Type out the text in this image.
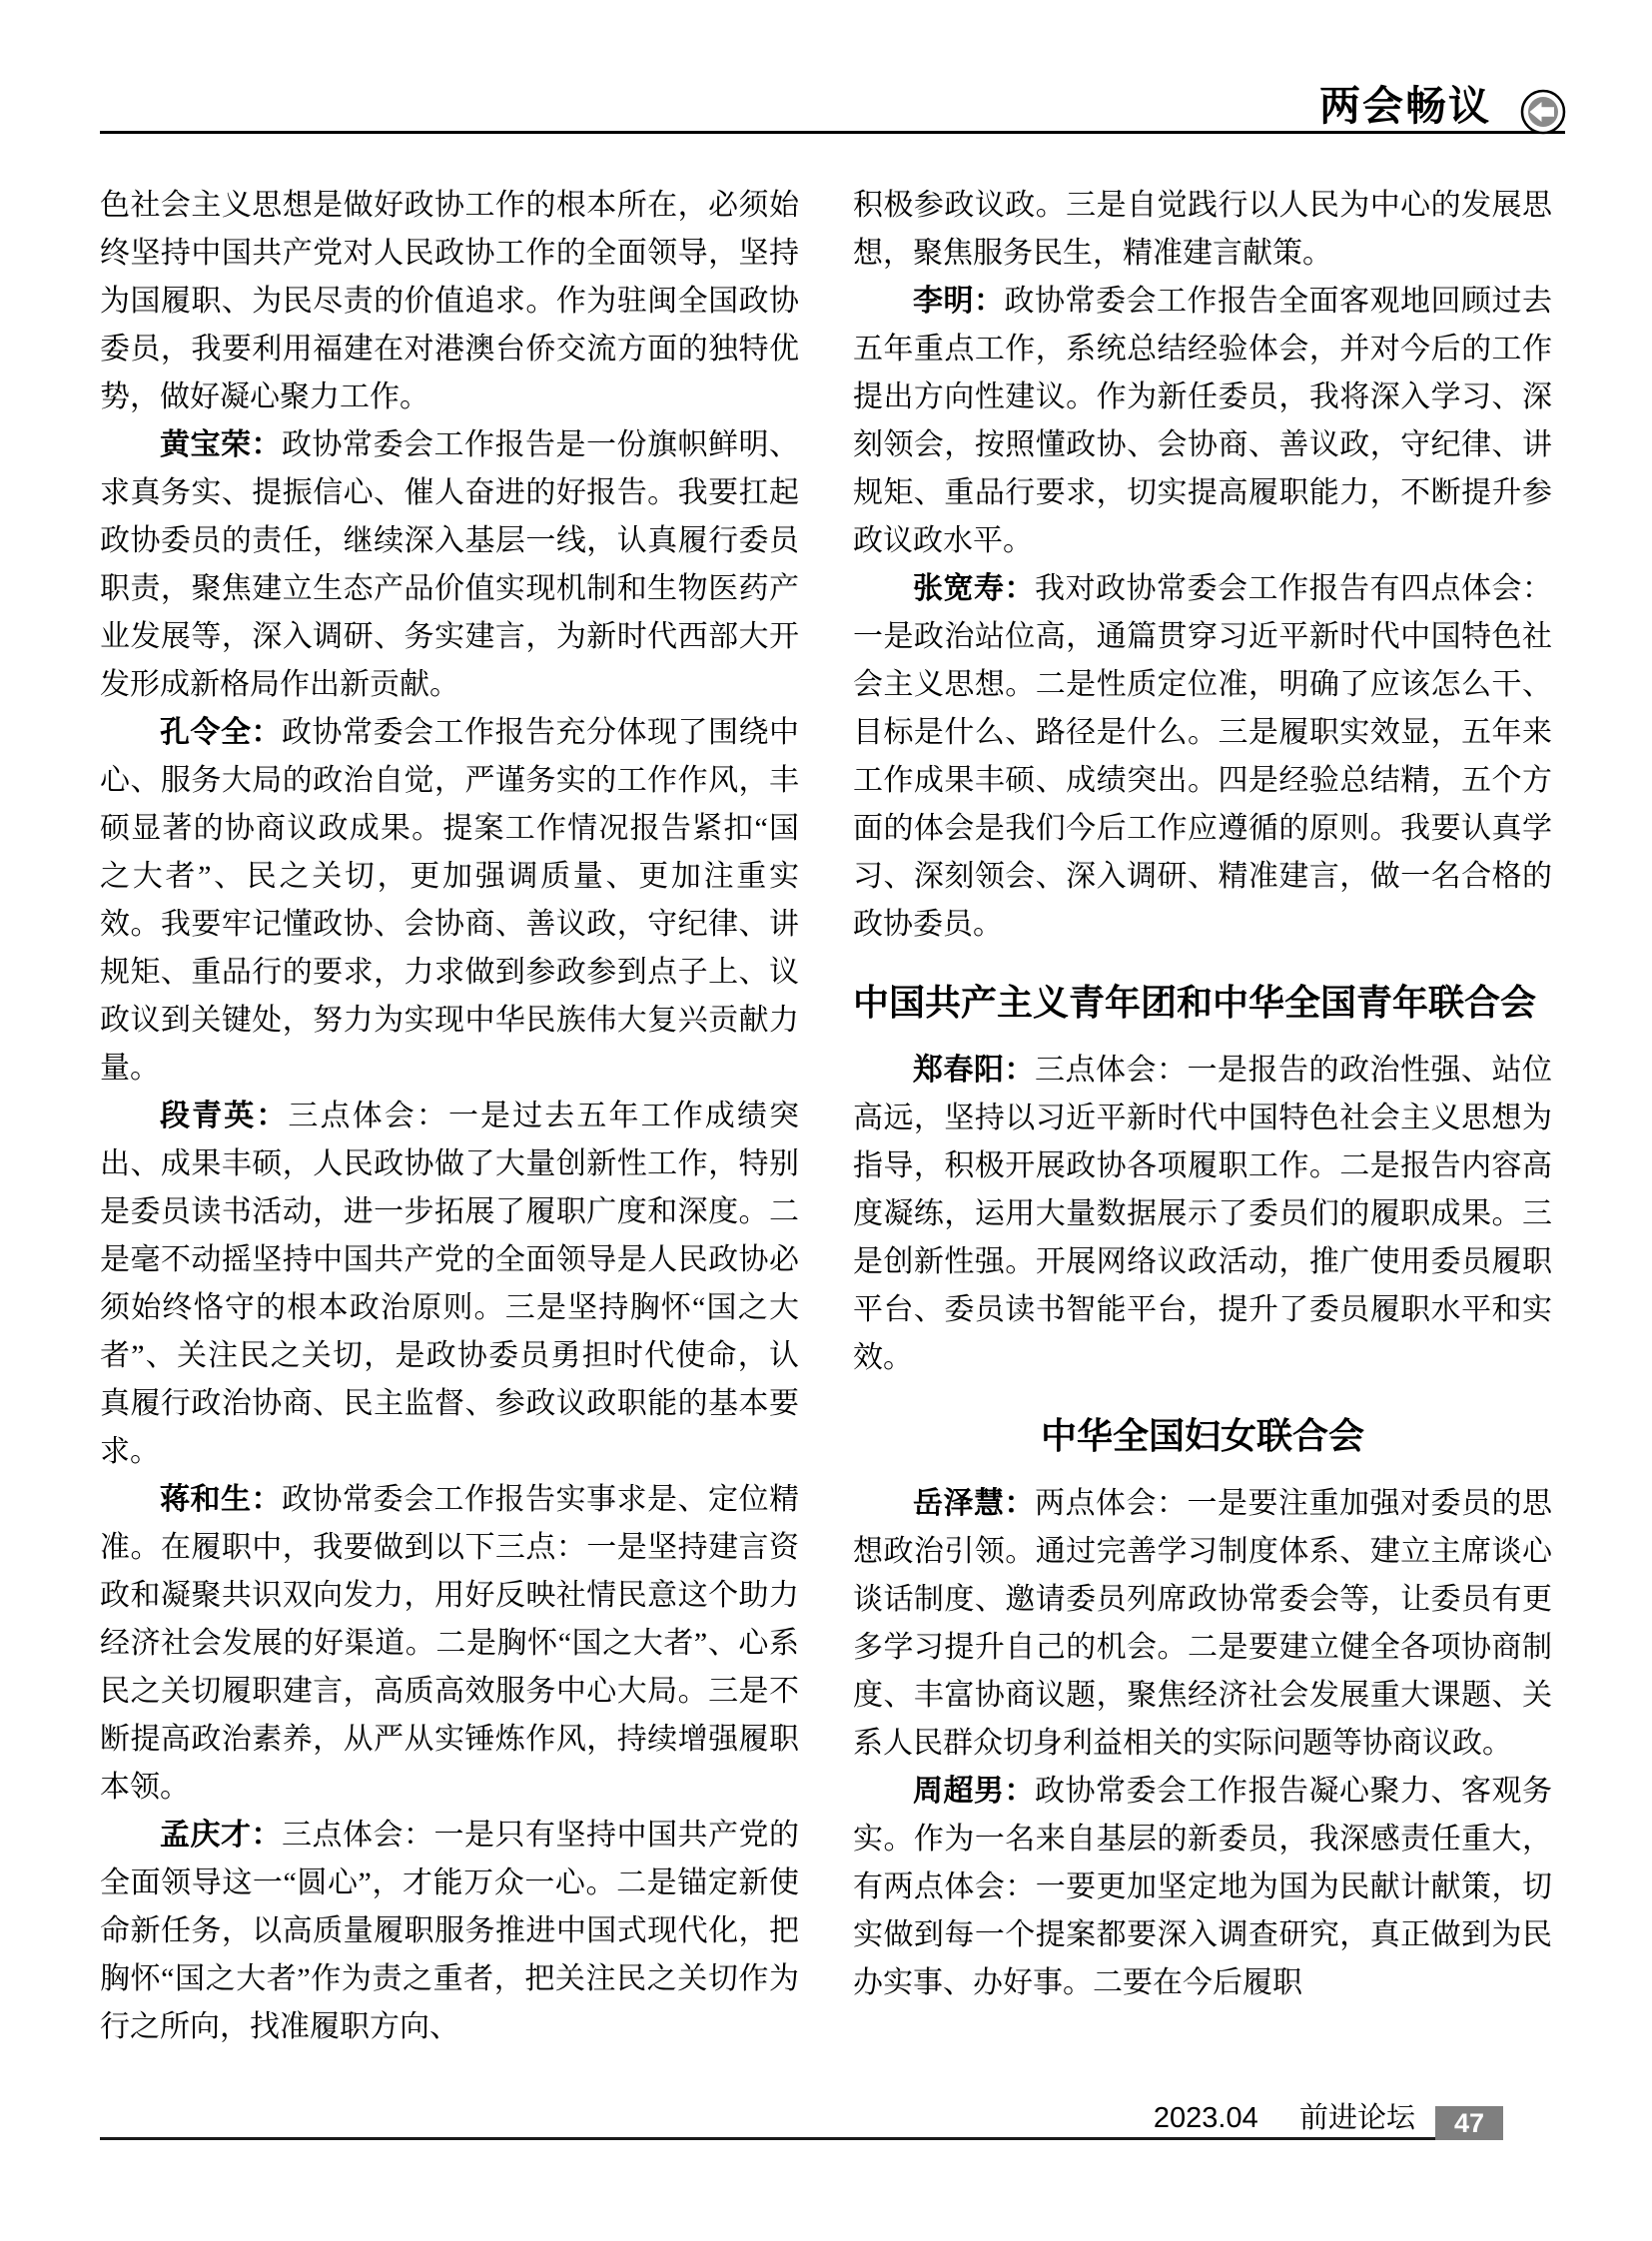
两会畅议

色社会主义思想是做好政协工作的根本所在，必须始终坚持中国共产党对人民政协工作的全面领导，坚持为国履职、为民尽责的价值追求。作为驻闽全国政协委员，我要利用福建在对港澳台侨交流方面的独特优势，做好凝心聚力工作。

黄宝荣：政协常委会工作报告是一份旗帜鲜明、求真务实、提振信心、催人奋进的好报告。我要扛起政协委员的责任，继续深入基层一线，认真履行委员职责，聚焦建立生态产品价值实现机制和生物医药产业发展等，深入调研、务实建言，为新时代西部大开发形成新格局作出新贡献。

孔令全：政协常委会工作报告充分体现了围绕中心、服务大局的政治自觉，严谨务实的工作作风，丰硕显著的协商议政成果。提案工作情况报告紧扣“国之大者”、民之关切，更加强调质量、更加注重实效。我要牢记懂政协、会协商、善议政，守纪律、讲规矩、重品行的要求，力求做到参政参到点子上、议政议到关键处，努力为实现中华民族伟大复兴贡献力量。

段青英：三点体会：一是过去五年工作成绩突出、成果丰硕，人民政协做了大量创新性工作，特别是委员读书活动，进一步拓展了履职广度和深度。二是毫不动摇坚持中国共产党的全面领导是人民政协必须始终恪守的根本政治原则。三是坚持胸怀“国之大者”、关注民之关切，是政协委员勇担时代使命，认真履行政治协商、民主监督、参政议政职能的基本要求。

蒋和生：政协常委会工作报告实事求是、定位精准。在履职中，我要做到以下三点：一是坚持建言资政和凝聚共识双向发力，用好反映社情民意这个助力经济社会发展的好渠道。二是胸怀“国之大者”、心系民之关切履职建言，高质高效服务中心大局。三是不断提高政治素养，从严从实锤炼作风，持续增强履职本领。

孟庆才：三点体会：一是只有坚持中国共产党的全面领导这一“圆心”，才能万众一心。二是锚定新使命新任务，以高质量履职服务推进中国式现代化，把胸怀“国之大者”作为责之重者，把关注民之关切作为行之所向，找准履职方向、

积极参政议政。三是自觉践行以人民为中心的发展思想，聚焦服务民生，精准建言献策。

李明：政协常委会工作报告全面客观地回顾过去五年重点工作，系统总结经验体会，并对今后的工作提出方向性建议。作为新任委员，我将深入学习、深刻领会，按照懂政协、会协商、善议政，守纪律、讲规矩、重品行要求，切实提高履职能力，不断提升参政议政水平。

张宽寿：我对政协常委会工作报告有四点体会：一是政治站位高，通篇贯穿习近平新时代中国特色社会主义思想。二是性质定位准，明确了应该怎么干、目标是什么、路径是什么。三是履职实效显，五年来工作成果丰硕、成绩突出。四是经验总结精，五个方面的体会是我们今后工作应遵循的原则。我要认真学习、深刻领会、深入调研、精准建言，做一名合格的政协委员。

中国共产主义青年团和中华全国青年联合会

郑春阳：三点体会：一是报告的政治性强、站位高远，坚持以习近平新时代中国特色社会主义思想为指导，积极开展政协各项履职工作。二是报告内容高度凝练，运用大量数据展示了委员们的履职成果。三是创新性强。开展网络议政活动，推广使用委员履职平台、委员读书智能平台，提升了委员履职水平和实效。

中华全国妇女联合会

岳泽慧：两点体会：一是要注重加强对委员的思想政治引领。通过完善学习制度体系、建立主席谈心谈话制度、邀请委员列席政协常委会等，让委员有更多学习提升自己的机会。二是要建立健全各项协商制度、丰富协商议题，聚焦经济社会发展重大课题、关系人民群众切身利益相关的实际问题等协商议政。

周超男：政协常委会工作报告凝心聚力、客观务实。作为一名来自基层的新委员，我深感责任重大，有两点体会：一要更加坚定地为国为民献计献策，切实做到每一个提案都要深入调查研究，真正做到为民办实事、办好事。二要在今后履职

2023.04 前进论坛	47
